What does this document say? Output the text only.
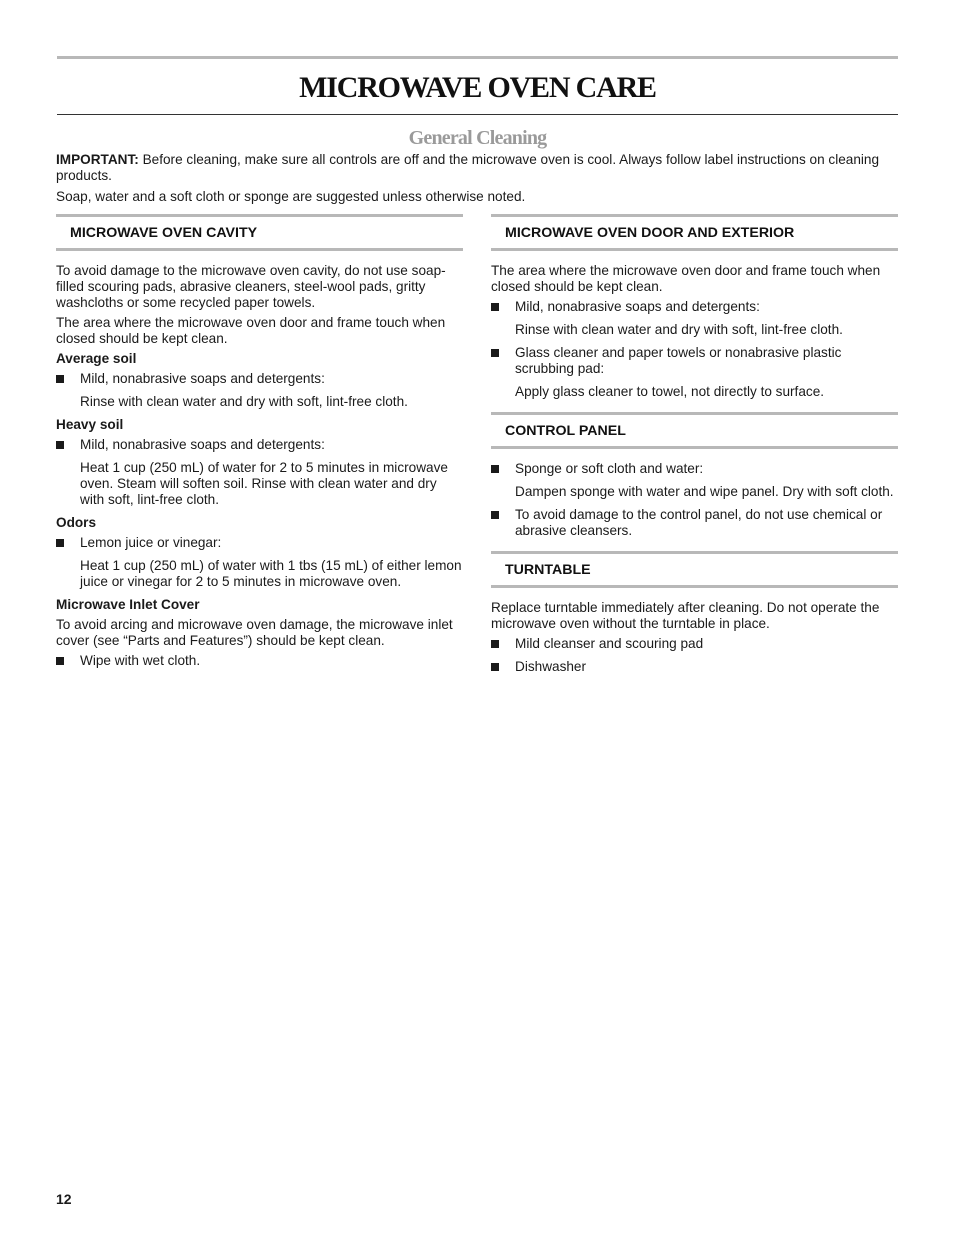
MICROWAVE OVEN CARE
General Cleaning

IMPORTANT: Before cleaning, make sure all controls are off and the microwave oven is cool. Always follow label instructions on cleaning products.

Soap, water and a soft cloth or sponge are suggested unless otherwise noted.

MICROWAVE OVEN CAVITY

To avoid damage to the microwave oven cavity, do not use soap-filled scouring pads, abrasive cleaners, steel-wool pads, gritty washcloths or some recycled paper towels.

The area where the microwave oven door and frame touch when closed should be kept clean.

Average soil

Mild, nonabrasive soaps and detergents:
Rinse with clean water and dry with soft, lint-free cloth.

Heavy soil

Mild, nonabrasive soaps and detergents:
Heat 1 cup (250 mL) of water for 2 to 5 minutes in microwave oven. Steam will soften soil. Rinse with clean water and dry with soft, lint-free cloth.

Odors

Lemon juice or vinegar:
Heat 1 cup (250 mL) of water with 1 tbs (15 mL) of either lemon juice or vinegar for 2 to 5 minutes in microwave oven.

Microwave Inlet Cover

To avoid arcing and microwave oven damage, the microwave inlet cover (see “Parts and Features”) should be kept clean.

Wipe with wet cloth.
MICROWAVE OVEN DOOR AND EXTERIOR

The area where the microwave oven door and frame touch when closed should be kept clean.

Mild, nonabrasive soaps and detergents:
Rinse with clean water and dry with soft, lint-free cloth.
Glass cleaner and paper towels or nonabrasive plastic scrubbing pad:
Apply glass cleaner to towel, not directly to surface.
CONTROL PANEL
Sponge or soft cloth and water:
Dampen sponge with water and wipe panel. Dry with soft cloth.
To avoid damage to the control panel, do not use chemical or abrasive cleansers.
TURNTABLE

Replace turntable immediately after cleaning. Do not operate the microwave oven without the turntable in place.

Mild cleanser and scouring pad
Dishwasher
12
